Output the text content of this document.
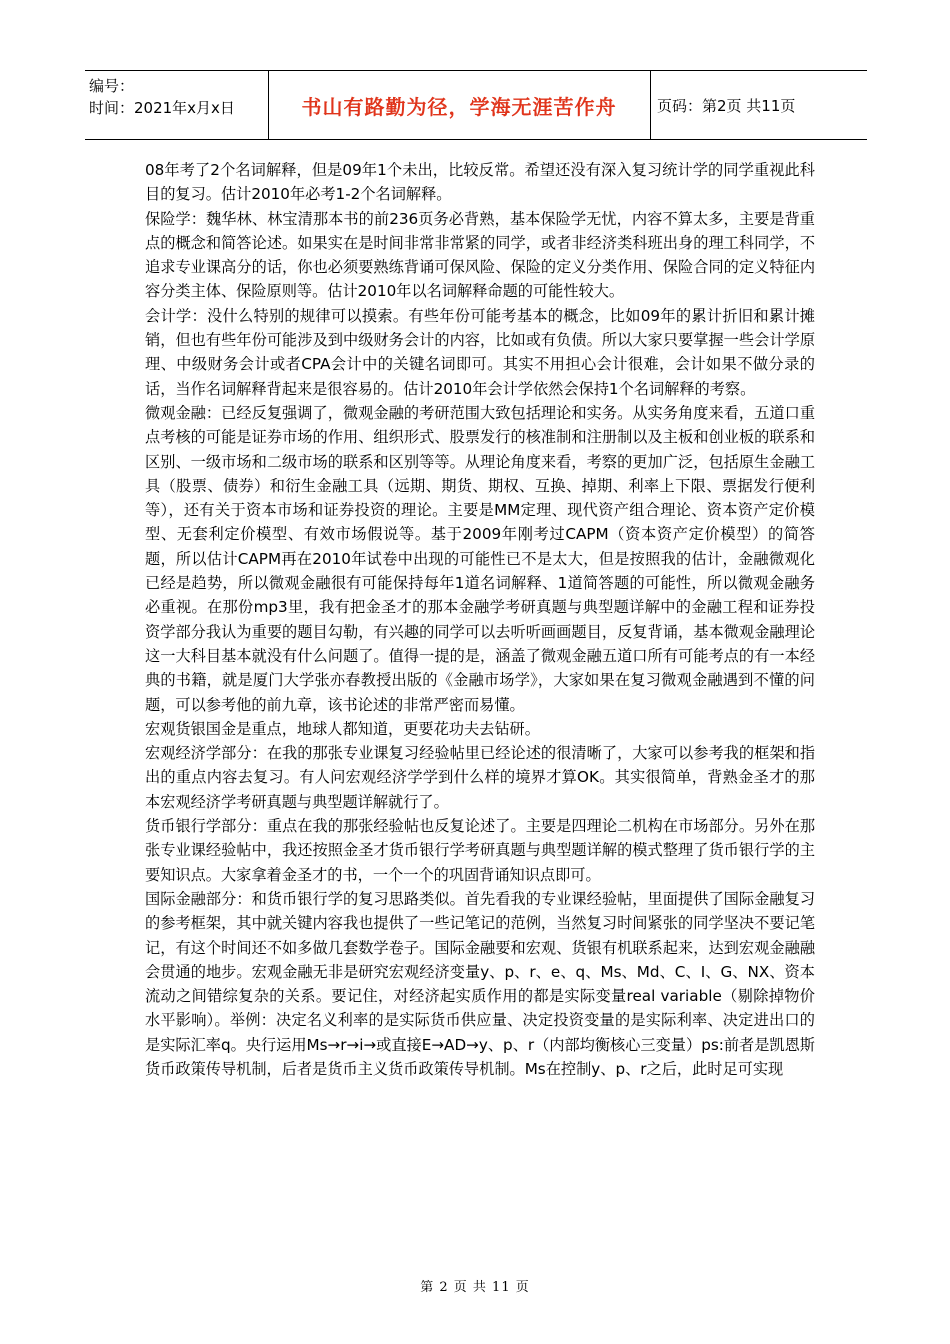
编号：
时间：2021年x月x日	书山有路勤为径，学海无涯苦作舟	页码：第2页 共11页

08年考了2个名词解释，但是09年1个未出，比较反常。希望还没有深入复习统计学的同学重视此科目的复习。估计2010年必考1-2个名词解释。

保险学：魏华林、林宝清那本书的前236页务必背熟，基本保险学无忧，内容不算太多，主要是背重点的概念和简答论述。如果实在是时间非常非常紧的同学，或者非经济类科班出身的理工科同学，不追求专业课高分的话，你也必须要熟练背诵可保风险、保险的定义分类作用、保险合同的定义特征内容分类主体、保险原则等。估计2010年以名词解释命题的可能性较大。

会计学：没什么特别的规律可以摸索。有些年份可能考基本的概念，比如09年的累计折旧和累计摊销，但也有些年份可能涉及到中级财务会计的内容，比如或有负债。所以大家只要掌握一些会计学原理、中级财务会计或者CPA会计中的关键名词即可。其实不用担心会计很难，会计如果不做分录的话，当作名词解释背起来是很容易的。估计2010年会计学依然会保持1个名词解释的考察。

微观金融：已经反复强调了，微观金融的考研范围大致包括理论和实务。从实务角度来看，五道口重点考核的可能是证券市场的作用、组织形式、股票发行的核准制和注册制以及主板和创业板的联系和区别、一级市场和二级市场的联系和区别等等。从理论角度来看，考察的更加广泛，包括原生金融工具（股票、债券）和衍生金融工具（远期、期货、期权、互换、掉期、利率上下限、票据发行便利等），还有关于资本市场和证券投资的理论。主要是MM定理、现代资产组合理论、资本资产定价模型、无套利定价模型、有效市场假说等。基于2009年刚考过CAPM（资本资产定价模型）的简答题，所以估计CAPM再在2010年试卷中出现的可能性已不是太大，但是按照我的估计，金融微观化已经是趋势，所以微观金融很有可能保持每年1道名词解释、1道简答题的可能性，所以微观金融务必重视。在那份mp3里，我有把金圣才的那本金融学考研真题与典型题详解中的金融工程和证券投资学部分我认为重要的题目勾勒，有兴趣的同学可以去听听画画题目，反复背诵，基本微观金融理论这一大科目基本就没有什么问题了。值得一提的是，涵盖了微观金融五道口所有可能考点的有一本经典的书籍，就是厦门大学张亦春教授出版的《金融市场学》，大家如果在复习微观金融遇到不懂的问题，可以参考他的前九章，该书论述的非常严密而易懂。

宏观货银国金是重点，地球人都知道，更要花功夫去钻研。

宏观经济学部分：在我的那张专业课复习经验帖里已经论述的很清晰了，大家可以参考我的框架和指出的重点内容去复习。有人问宏观经济学学到什么样的境界才算OK。其实很简单，背熟金圣才的那本宏观经济学考研真题与典型题详解就行了。

货币银行学部分：重点在我的那张经验帖也反复论述了。主要是四理论二机构在市场部分。另外在那张专业课经验帖中，我还按照金圣才货币银行学考研真题与典型题详解的模式整理了货币银行学的主要知识点。大家拿着金圣才的书，一个一个的巩固背诵知识点即可。

国际金融部分：和货币银行学的复习思路类似。首先看我的专业课经验帖，里面提供了国际金融复习的参考框架，其中就关键内容我也提供了一些记笔记的范例，当然复习时间紧张的同学坚决不要记笔记，有这个时间还不如多做几套数学卷子。国际金融要和宏观、货银有机联系起来，达到宏观金融融会贯通的地步。宏观金融无非是研究宏观经济变量y、p、r、e、q、Ms、Md、C、I、G、NX、资本流动之间错综复杂的关系。要记住，对经济起实质作用的都是实际变量real variable（剔除掉物价水平影响）。举例：决定名义利率的是实际货币供应量、决定投资变量的是实际利率、决定进出口的是实际汇率q。央行运用Ms→r→i→或直接E→AD→y、p、r（内部均衡核心三变量）ps:前者是凯恩斯货币政策传导机制，后者是货币主义货币政策传导机制。Ms在控制y、p、r之后，此时足可实现

第 2 页 共 11 页
